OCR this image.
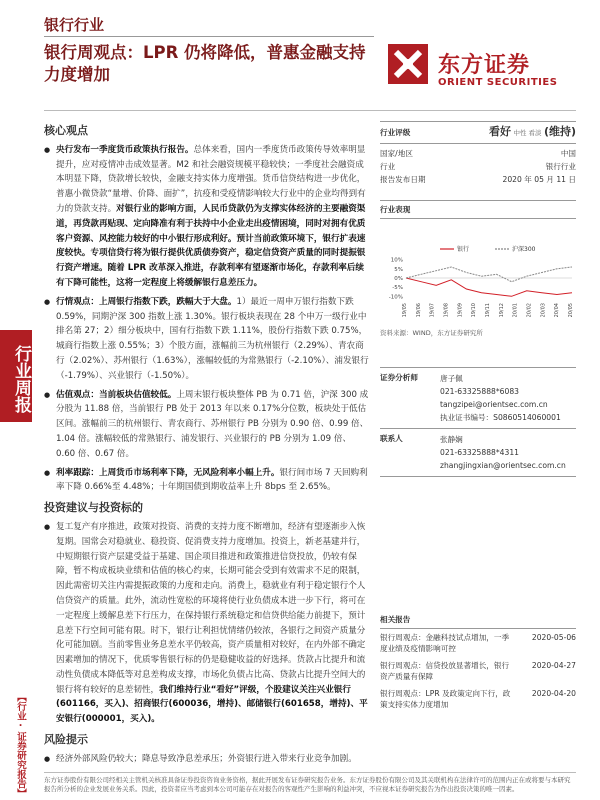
银行行业
银行周观点：LPR 仍将降低，普惠金融支持力度增加	东方证券
ORIENT SECURITIES
行业周报
【行业·证券研究报告】
核心观点
● 央行发布一季度货币政策执行报告。总体来看，国内一季度货币政策传导效率明显提升，应对疫情冲击成效显著。M2 和社会融资规模平稳较快；一季度社会融资成本明显下降，贷款增长较快，金融支持实体力度增强。货币信贷结构进一步优化，普惠小微贷款“量增、价降、面扩”，抗疫和受疫情影响较大行业中的企业均得到有力的贷款支持。对银行业的影响方面，人民币贷款仍为支撑实体经济的主要融资渠道，再贷款再贴现、定向降准有利于扶持中小企业走出疫情困境，同时对拥有优质客户资源、风控能力较好的中小银行形成利好。预计当前政策环境下，银行扩表速度较快。专项信贷行将为银行提供优质债券资产，稳定信贷资产质量的同时提振银行资产增速。随着 LPR 改革深入推进，存款利率有望逐渐市场化，存款利率后续有下降可能性，这将一定程度上将缓解银行息差压力。
● 行情观点：上周银行指数下跌，跌幅大于大盘。1）最近一周申万银行指数下跌 0.59%，同期沪深 300 指数上涨 1.30%。银行板块表现在 28 个申万一级行业中排名第 27；2）细分板块中，国有行指数下跌 1.11%，股份行指数下跌 0.75%，城商行指数上涨 0.55%；3）个股方面，涨幅前三为杭州银行（2.29%）、青农商行（2.02%）、苏州银行（1.63%），涨幅较低的为常熟银行（-2.10%）、浦发银行（-1.79%）、兴业银行（-1.50%）。
● 估值观点：当前板块估值较低。上周末银行板块整体 PB 为 0.71 倍，沪深 300 成分股为 11.88 倍，当前银行 PB 处于 2013 年以来 0.17%分位数，板块处于低估区间。涨幅前三的杭州银行、青农商行、苏州银行 PB 分别为 0.90 倍、0.99 倍、1.04 倍。涨幅较低的常熟银行、浦发银行、兴业银行的 PB 分别为 1.09 倍、0.60 倍、0.67 倍。
● 利率跟踪：上周货币市场利率下降，无风险利率小幅上升。银行间市场 7 天回购利率下降 0.66%至 4.48%；十年期国债到期收益率上升 8bps 至 2.65%。
投资建议与投资标的
● 复工复产有序推进，政策对投资、消费的支持力度不断增加，经济有望逐渐步入恢复期。国常会对稳就业、稳投资、促消费支持力度增加。投资上，新老基建并行，中短期银行资产层建受益于基建、国企项目推进和政策推进信贷投放，仍较有保障，暂不构成板块业绩和估值的核心约束，长期可能会受到有效需求不足的限制，因此需密切关注内需提振政策的力度和走向。消费上，稳就业有利于稳定银行个人信贷资产的质量。此外，流动性宽松的环境将使行业负债成本进一步下行，将可在一定程度上缓解息差下行压力，在保持银行系统稳定和信贷供给能力前提下，预计息差下行空间可能有限。时下，银行让利担忧情绪仍较浓，各银行之间资产质量分化可能加剧。当前零售业务息差水平仍较高，资产质量相对较好，在内外部不确定因素增加的情况下，优质零售银行标的仍是稳健收益的好选择。货款占比提升和流动性负债成本降低等对息差构成支撑，市场化负债占比高、贷款占比提升空间大的银行将有较好的息差韧性，我们维持行业“看好”评级，个股建议关注兴业银行(601166，买入)、招商银行(600036，增持)、邮储银行(601658，增持)、平安银行(000001，买入)。
风险提示
● 经济外部风险仍较大；降息导致净息差承压；外资银行进入带来行业竞争加剧。
行业评级	看好 中性 看淡 (维持)
国家/地区	中国
行业	银行行业
报告发布日期	2020 年 05 月 11 日
行业表现
银行	沪深300
10%
5%
0%
-5%
-10%
19/05 19/06 19/07 19/08 19/09 19/10 19/11 19/12 20/01 20/02 20/03 20/04 20/05
资料来源：WIND，东方证券研究所
证券分析师	唐子佩
021-63325888*6083
tangzipei@orientsec.com.cn
执业证书编号：S0860514060001
联系人	张静娴
021-63325888*4311
zhangjingxian@orientsec.com.cn
相关报告
银行周观点：金融科技试点增加，一季度业绩及疫情影响可控
2020-05-06
银行周观点：信贷投放显著增长，银行资产质量有保障
2020-04-27
银行周观点：LPR 及政策定向下行，政策支持实体力度增加
2020-04-20
东方证券股份有限公司经相关主管机关核准具备证券投资咨询业务资格，据此开展发布证券研究报告业务。东方证券股份有限公司及其关联机构在法律许可的范围内正在或将要与本研究报告所分析的企业发展业务关系。因此，投资者应当考虑到本公司可能存在对报告的客观性产生影响的利益冲突，不应视本证券研究报告为作出投资决策的唯一因素。
